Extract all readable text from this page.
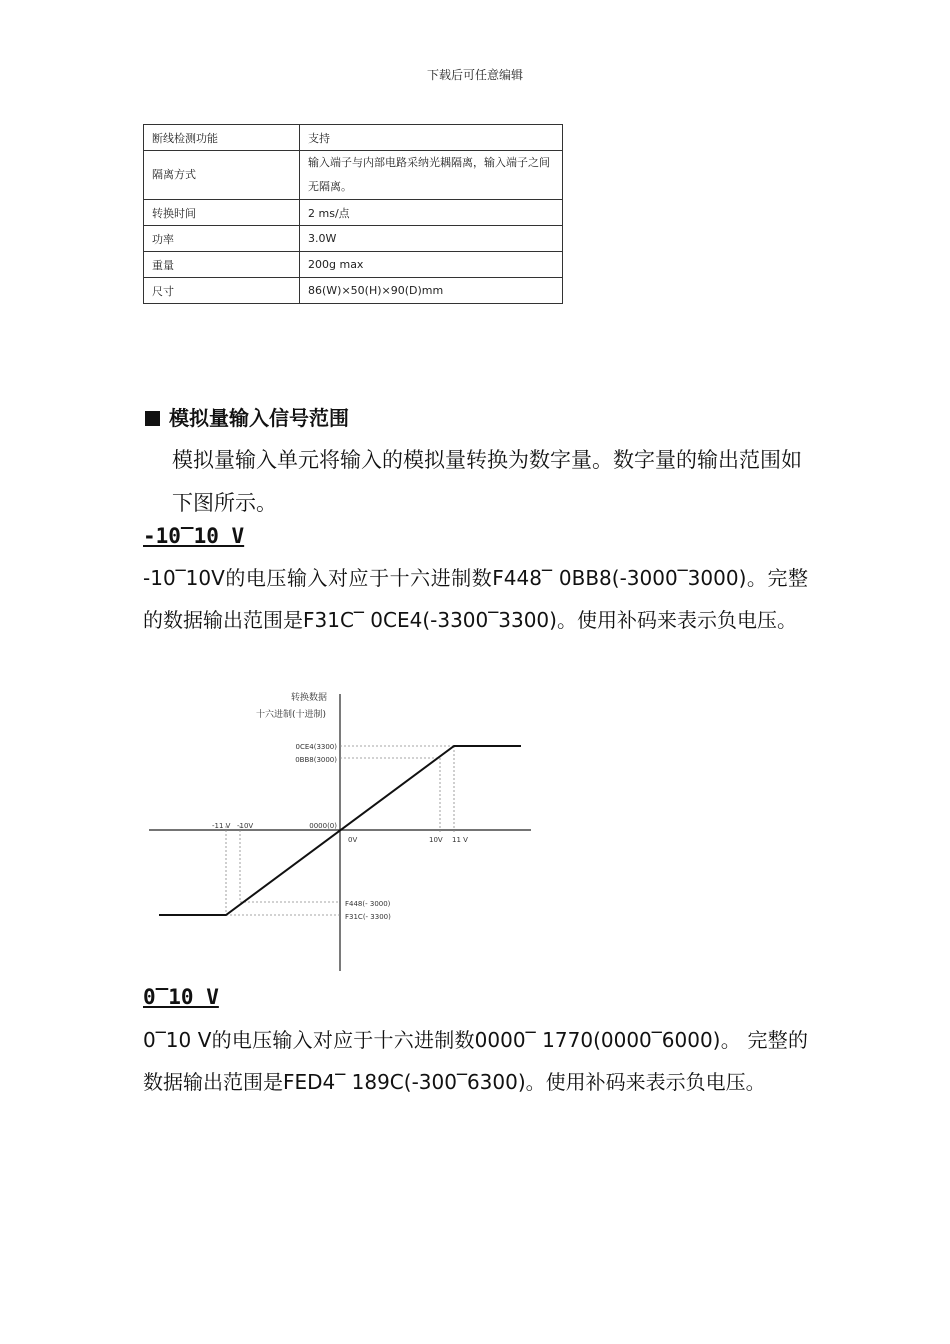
下载后可任意编辑
断线检测功能	支持
隔离方式	输入端子与内部电路采纳光耦隔离，输入端子之间无隔离。
转换时间	2 ms/点
功率	3.0W
重量	200g max
尺寸	86(W)×50(H)×90(D)mm
模拟量输入信号范围
模拟量输入单元将输入的模拟量转换为数字量。数字量的输出范围如下图所示。
-10‾10 V
-10‾10V的电压输入对应于十六进制数F448‾ 0BB8(-3000‾3000)。完整的数据输出范围是F31C‾ 0CE4(-3300‾3300)。使用补码来表示负电压。
转换数据
十六进制(十进制)
0CE4(3300)
0BB8(3000)
0000(0)
F448(- 3000)
F31C(- 3300)
-11 V -10V
0V	10V 11 V
0‾10 V
0‾10 V的电压输入对应于十六进制数0000‾ 1770(0000‾6000)。 完整的数据输出范围是FED4‾ 189C(-300‾6300)。使用补码来表示负电压。
